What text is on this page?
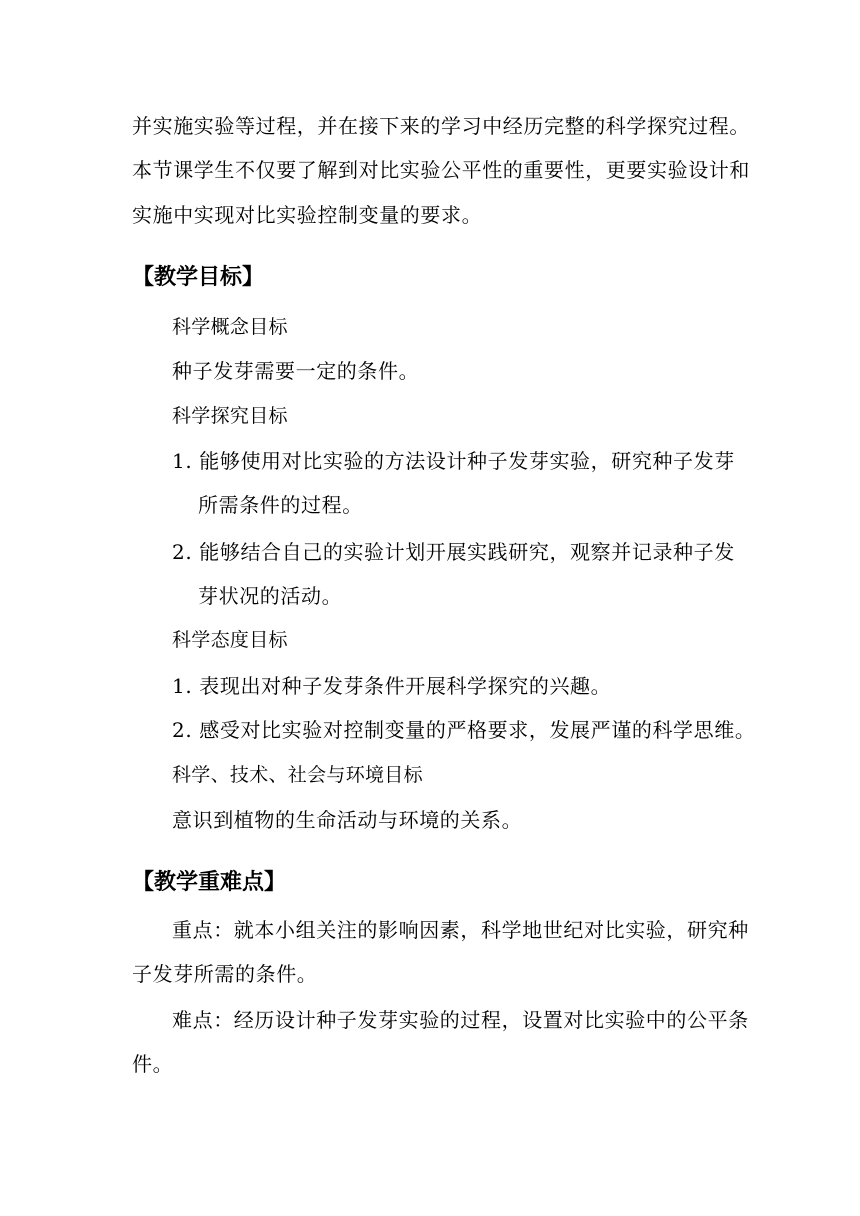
并实施实验等过程，并在接下来的学习中经历完整的科学探究过程。
本节课学生不仅要了解到对比实验公平性的重要性，更要实验设计和
实施中实现对比实验控制变量的要求。
【教学目标】
科学概念目标
种子发芽需要一定的条件。
科学探究目标
1. 能够使用对比实验的方法设计种子发芽实验，研究种子发芽
所需条件的过程。
2. 能够结合自己的实验计划开展实践研究，观察并记录种子发
芽状况的活动。
科学态度目标
1. 表现出对种子发芽条件开展科学探究的兴趣。
2. 感受对比实验对控制变量的严格要求，发展严谨的科学思维。
科学、技术、社会与环境目标
意识到植物的生命活动与环境的关系。
【教学重难点】
重点：就本小组关注的影响因素，科学地世纪对比实验，研究种
子发芽所需的条件。
难点：经历设计种子发芽实验的过程，设置对比实验中的公平条
件。
